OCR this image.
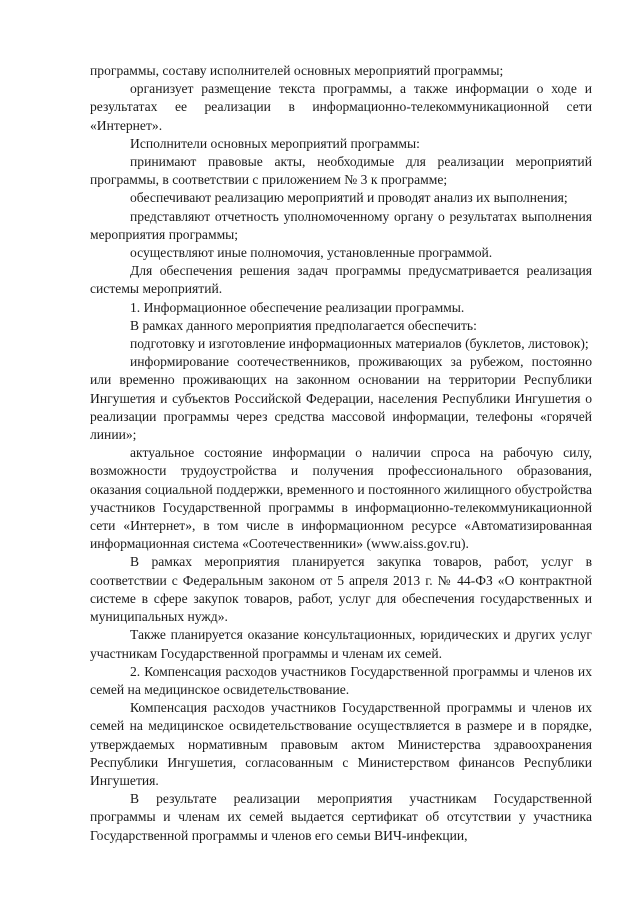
программы, составу исполнителей основных мероприятий программы;

организует размещение текста программы, а также информации о ходе и результатах ее реализации в информационно-телекоммуникационной сети «Интернет».

Исполнители основных мероприятий программы:

принимают правовые акты, необходимые для реализации мероприятий программы, в соответствии с приложением № 3 к программе;

обеспечивают реализацию мероприятий и проводят анализ их выполнения;

представляют отчетность уполномоченному органу о результатах выполнения мероприятия программы;

осуществляют иные полномочия, установленные программой.

Для обеспечения решения задач программы предусматривается реализация системы мероприятий.

1. Информационное обеспечение реализации программы.

В рамках данного мероприятия предполагается обеспечить:

подготовку и изготовление информационных материалов (буклетов, листовок);

информирование соотечественников, проживающих за рубежом, постоянно или временно проживающих на законном основании на территории Республики Ингушетия и субъектов Российской Федерации, населения Республики Ингушетия о реализации программы через средства массовой информации, телефоны «горячей линии»;

актуальное состояние информации о наличии спроса на рабочую силу, возможности трудоустройства и получения профессионального образования, оказания социальной поддержки, временного и постоянного жилищного обустройства участников Государственной программы в информационно-телекоммуникационной сети «Интернет», в том числе в информационном ресурсе «Автоматизированная информационная система «Соотечественники» (www.aiss.gov.ru).

В рамках мероприятия планируется закупка товаров, работ, услуг в соответствии с Федеральным законом от 5 апреля 2013 г. № 44-ФЗ «О контрактной системе в сфере закупок товаров, работ, услуг для обеспечения государственных и муниципальных нужд».

Также планируется оказание консультационных, юридических и других услуг участникам Государственной программы и членам их семей.

2. Компенсация расходов участников Государственной программы и членов их семей на медицинское освидетельствование.

Компенсация расходов участников Государственной программы и членов их семей на медицинское освидетельствование осуществляется в размере и в порядке, утверждаемых нормативным правовым актом Министерства здравоохранения Республики Ингушетия, согласованным с Министерством финансов Республики Ингушетия.

В результате реализации мероприятия участникам Государственной программы и членам их семей выдается сертификат об отсутствии у участника Государственной программы и членов его семьи ВИЧ-инфекции,
